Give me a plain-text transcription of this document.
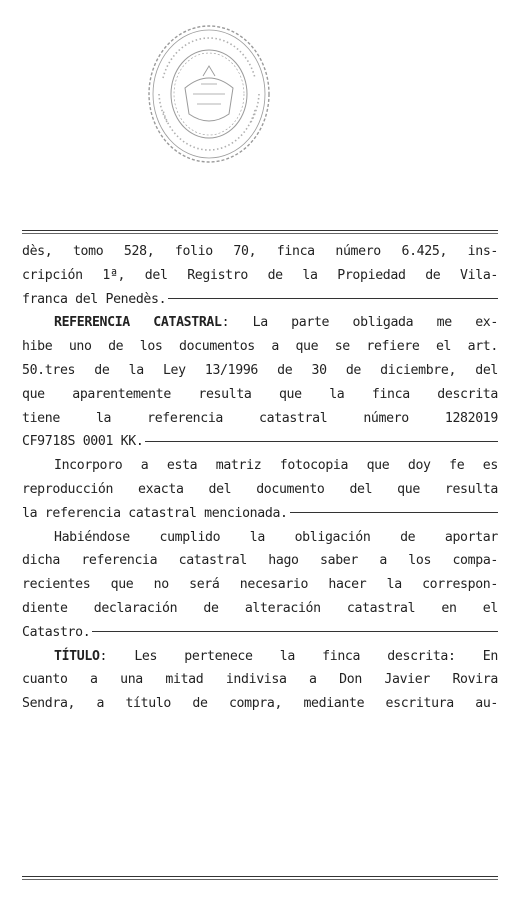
dès, tomo 528, folio 70, finca número 6.425, ins-
cripción 1ª, del Registro de la Propiedad de Vila-
franca del Penedès.
REFERENCIA CATASTRAL: La parte obligada me ex-
hibe uno de los documentos a que se refiere el art.
50.tres de la Ley 13/1996 de 30 de diciembre, del
que aparentemente resulta que la finca descrita
tiene la referencia catastral número 1282019
CF9718S 0001 KK.
Incorporo a esta matriz fotocopia que doy fe es
reproducción exacta del documento del que resulta
la referencia catastral mencionada.
Habiéndose cumplido la obligación de aportar
dicha referencia catastral hago saber a los compa-
recientes que no será necesario hacer la correspon-
diente declaración de alteración catastral en el
Catastro.
TÍTULO: Les pertenece la finca descrita: En
cuanto a una mitad indivisa a Don Javier Rovira
Sendra, a título de compra, mediante escritura au-
